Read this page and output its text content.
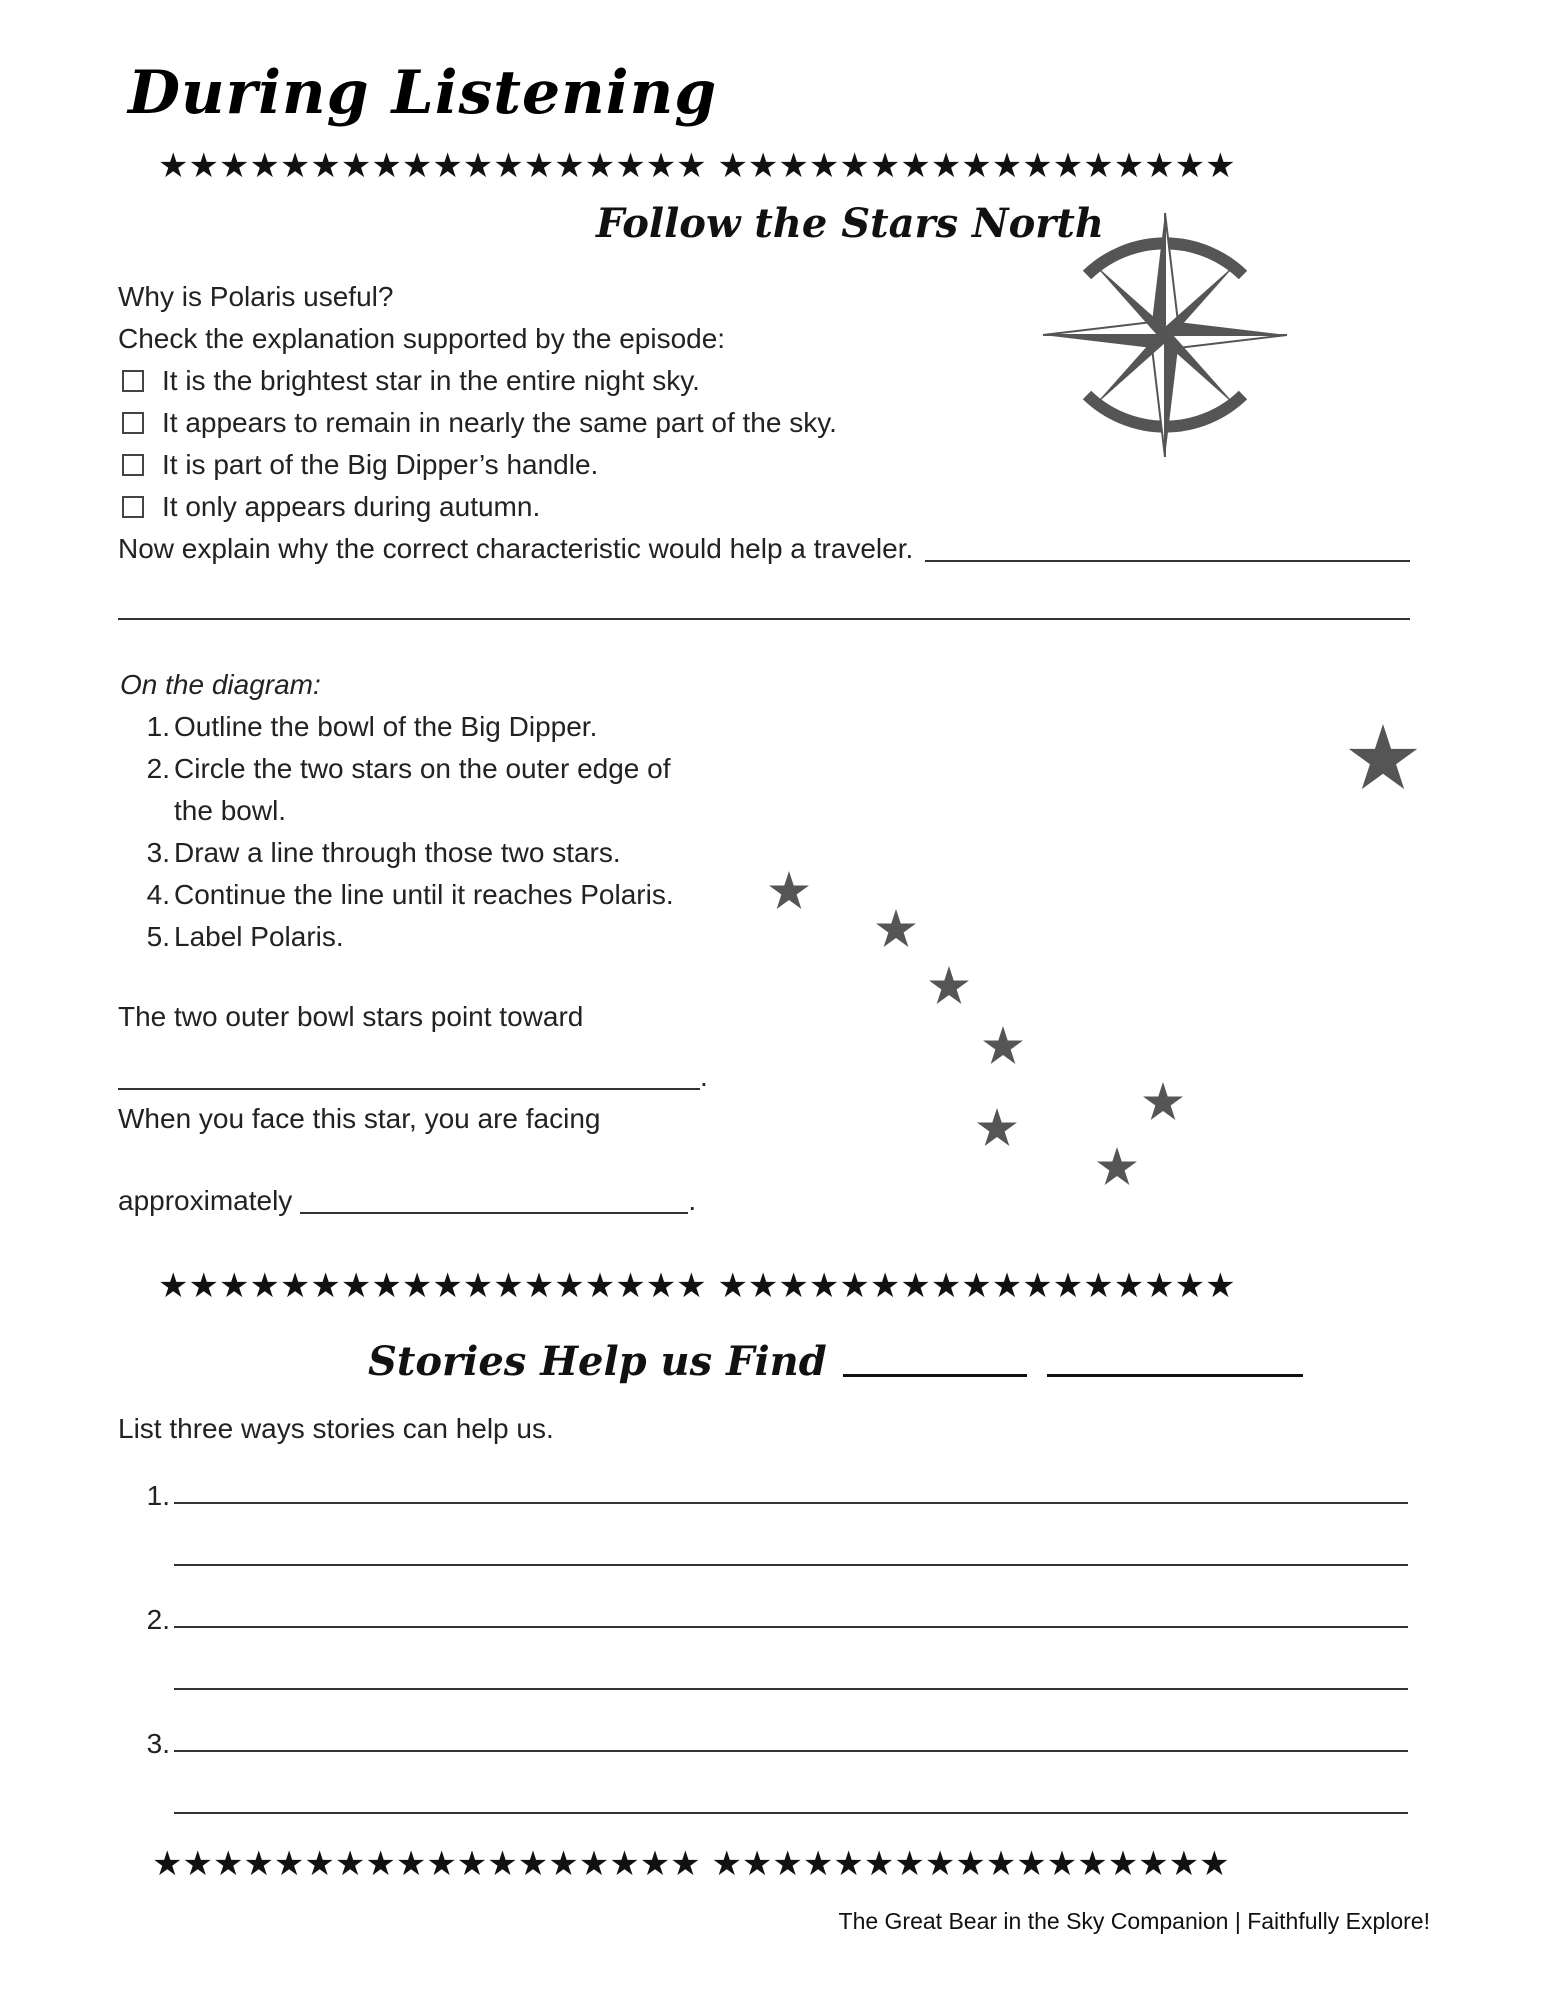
During Listening
★★★★★★★★★★★★★★★★★★ ★★★★★★★★★★★★★★★★★
Follow the Stars North
Why is Polaris useful?
Check the explanation supported by the episode:
It is the brightest star in the entire night sky.
It appears to remain in nearly the same part of the sky.
It is part of the Big Dipper’s handle.
It only appears during autumn.
Now explain why the correct characteristic would help a traveler.
On the diagram:
1. Outline the bowl of the Big Dipper.
2. Circle the two stars on the outer edge of
the bowl.
3. Draw a line through those two stars.
4. Continue the line until it reaches Polaris.
5. Label Polaris.
The two outer bowl stars point toward
.
When you face this star, you are facing
approximately	.
★★★★★★★★★★★★★★★★★★ ★★★★★★★★★★★★★★★★★
Stories Help us Find
List three ways stories can help us.
1.
2.
3.
★★★★★★★★★★★★★★★★★★ ★★★★★★★★★★★★★★★★★
The Great Bear in the Sky Companion | Faithfully Explore!
